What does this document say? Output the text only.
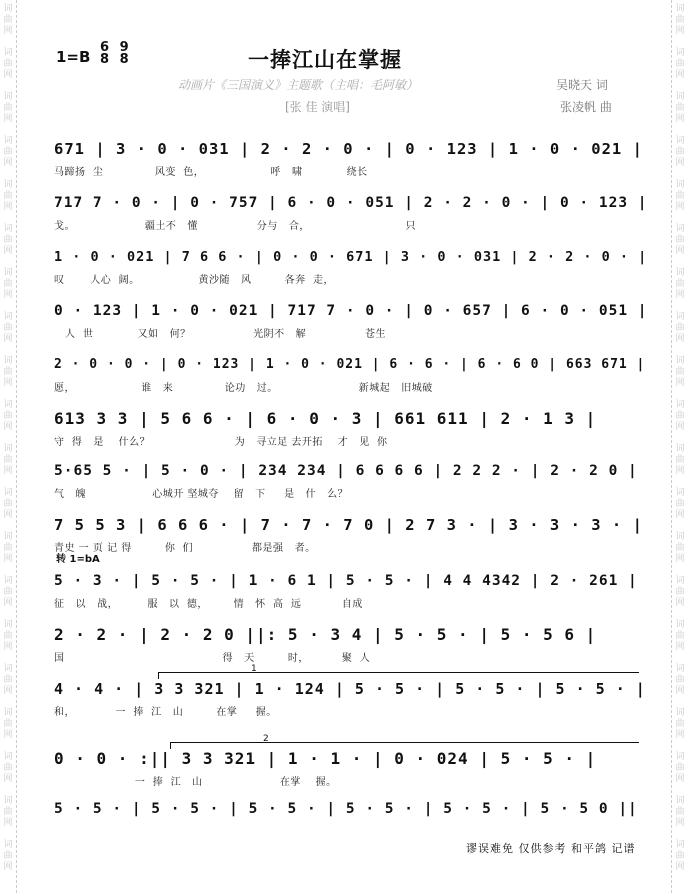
词
曲
网
词
曲
网
词
曲
网
词
曲
网
词
曲
网
词
曲
网
词
曲
网
词
曲
网
词
曲
网
词
曲
网
词
曲
网
词
曲
网
词
曲
网
词
曲
网
词
曲
网
词
曲
网
词
曲
网
词
曲
网
词
曲
网
词
曲
网
词
曲
网
词
曲
网
词
曲
网
词
曲
网
词
曲
网
词
曲
网
词
曲
网
词
曲
网
词
曲
网
词
曲
网
词
曲
网
词
曲
网
词
曲
网
词
曲
网
词
曲
网
词
曲
网
词
曲
网
词
曲
网
词
曲
网
词
曲
网
1=B
6
8

9
8	一捧江山在掌握
动画片《三国演义》主题歌（主唱：毛阿敏）
[张 佳 演唱]
吴晓天 词
张凌帆 曲
671 | 3 · 0 · 031 | 2 · 2 · 0 · | 0 · 123 | 1 · 0 · 021 |
马蹄扬  尘              风变  色，                  呼   啸            绕长
717 7 · 0 · | 0 · 757 | 6 · 0 · 051 | 2 · 2 · 0 · | 0 · 123 |
戈。                   疆土不   懂                分与   合，                          只
1 · 0 · 021 | 7 6 6 · | 0 · 0 · 671 | 3 · 0 · 031 | 2 · 2 · 0 · |
叹       人心  阔。                黄沙随   风         各奔  走，
0 · 123 | 1 · 0 · 021 | 717 7 · 0 · | 0 · 657 | 6 · 0 · 051 |
人  世            又如   何？                 光阴不   解                苍生
2 · 0 · 0 · | 0 · 123 | 1 · 0 · 021 | 6 · 6 · | 6 · 6 0 | 663 671 |
愿，                  谁   来              论功   过。                      新城起   旧城破
613 3 3 | 5 6 6 · | 6 · 0 · 3 | 661 611 | 2 · 1 3 |
守  得   是    什么？                       为   寻立足 去开拓    才   见  你
5·65 5 · | 5 · 0 · | 234 234 | 6 6 6 6 | 2 2 2 · | 2 · 2 0 |
气   魄                  心城开 坚城夺    留   下     是   什   么？
7 5 5 3 | 6 6 6 · | 7 · 7 · 7 0 | 2 7 3 · | 3 · 3 · 3 · |
青史 一 页 记 得         你  们                都是强   者。
5 · 3 · | 5 · 5 · | 1 · 6 1 | 5 · 5 · | 4 4 4342 | 2 · 261 |
征   以   战，        服   以  德，       情   怀  高  远           自成
2 · 2 · | 2 · 2 0 ||: 5 · 3 4 | 5 · 5 · | 5 · 5 6 |
国                                           得   天         时，         聚  人
4 · 4 · | 3 3 321 | 1 · 124 | 5 · 5 · | 5 · 5 · | 5 · 5 · |
和，           一  捧  江   山         在掌     握。
0 · 0 · :|| 3 3 321 | 1 · 1 · | 0 · 024 | 5 · 5 · |
一  捧  江   山                     在掌    握。
5 · 5 · | 5 · 5 · | 5 · 5 · | 5 · 5 · | 5 · 5 · | 5 · 5 0 ||
转 1=bA
1
2
谬误难免 仅供参考 和平鸽 记谱
